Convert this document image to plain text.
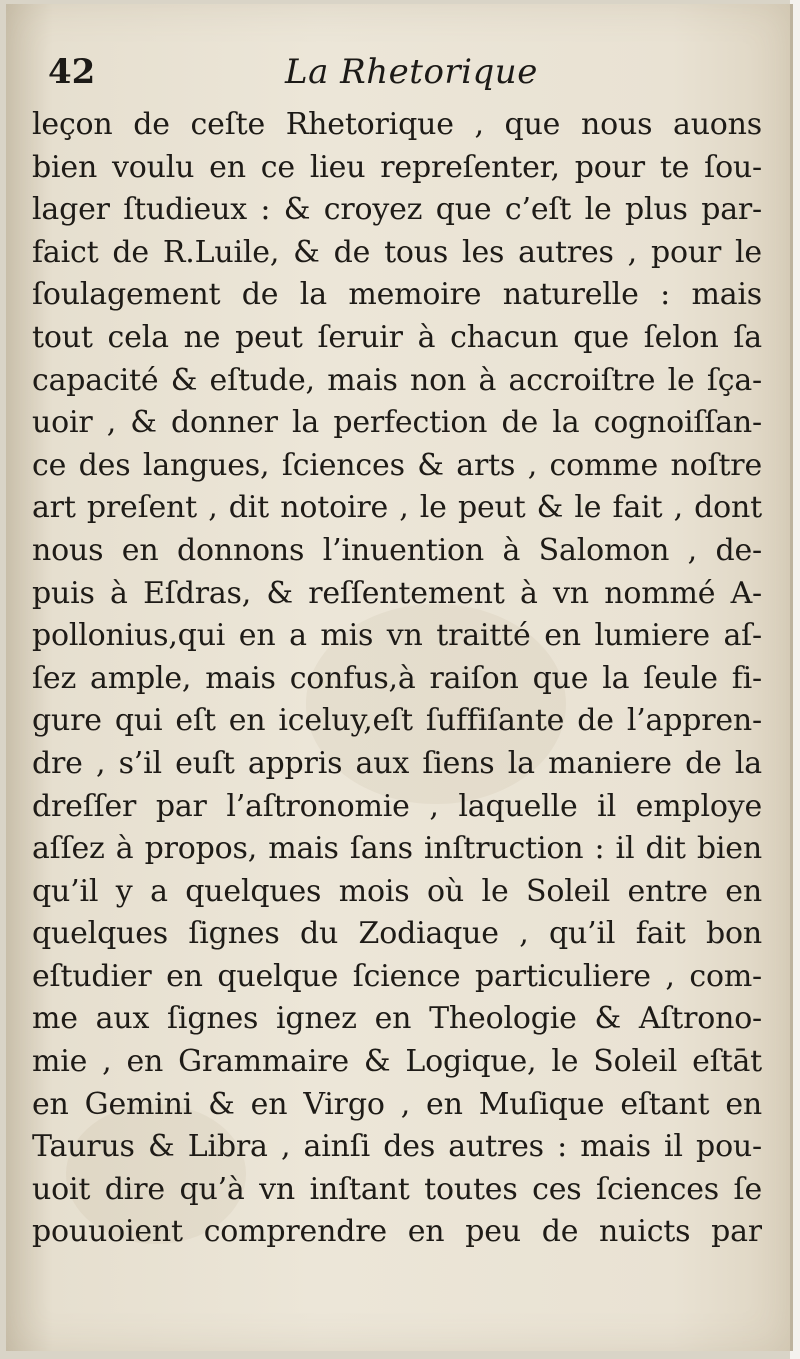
42	La Rhetorique
leçon de ceſte Rhetorique , que nous auons
bien voulu en ce lieu repreſenter, pour te ſou-
lager ſtudieux : & croyez que c’eſt le plus par-
faict de R.Luile, & de tous les autres , pour le
ſoulagement de la memoire naturelle : mais
tout cela ne peut ſeruir à chacun que ſelon ſa
capacité & eſtude, mais non à accroiſtre le ſça-
uoir , & donner la perfection de la cognoiſſan-
ce des langues, ſciences & arts , comme noſtre
art preſent , dit notoire , le peut & le fait , dont
nous en donnons l’inuention à Salomon , de-
puis à Eſdras, & reſſentement à vn nommé A-
pollonius,qui en a mis vn traitté en lumiere aſ-
ſez ample, mais confus,à raiſon que la ſeule fi-
gure qui eſt en iceluy,eſt ſuffiſante de l’appren-
dre , s’il euſt appris aux ſiens la maniere de la
dreſſer par l’aſtronomie , laquelle il employe
aſſez à propos, mais ſans inſtruction : il dit bien
qu’il y a quelques mois où le Soleil entre en
quelques ſignes du Zodiaque , qu’il fait bon
eſtudier en quelque ſcience particuliere , com-
me aux ſignes ignez en Theologie & Aſtrono-
mie , en Grammaire & Logique, le Soleil eſtāt
en Gemini & en Virgo , en Muſique eſtant en
Taurus & Libra , ainſi des autres : mais il pou-
uoit dire qu’à vn inſtant toutes ces ſciences ſe
pouuoient comprendre en peu de nuicts par
